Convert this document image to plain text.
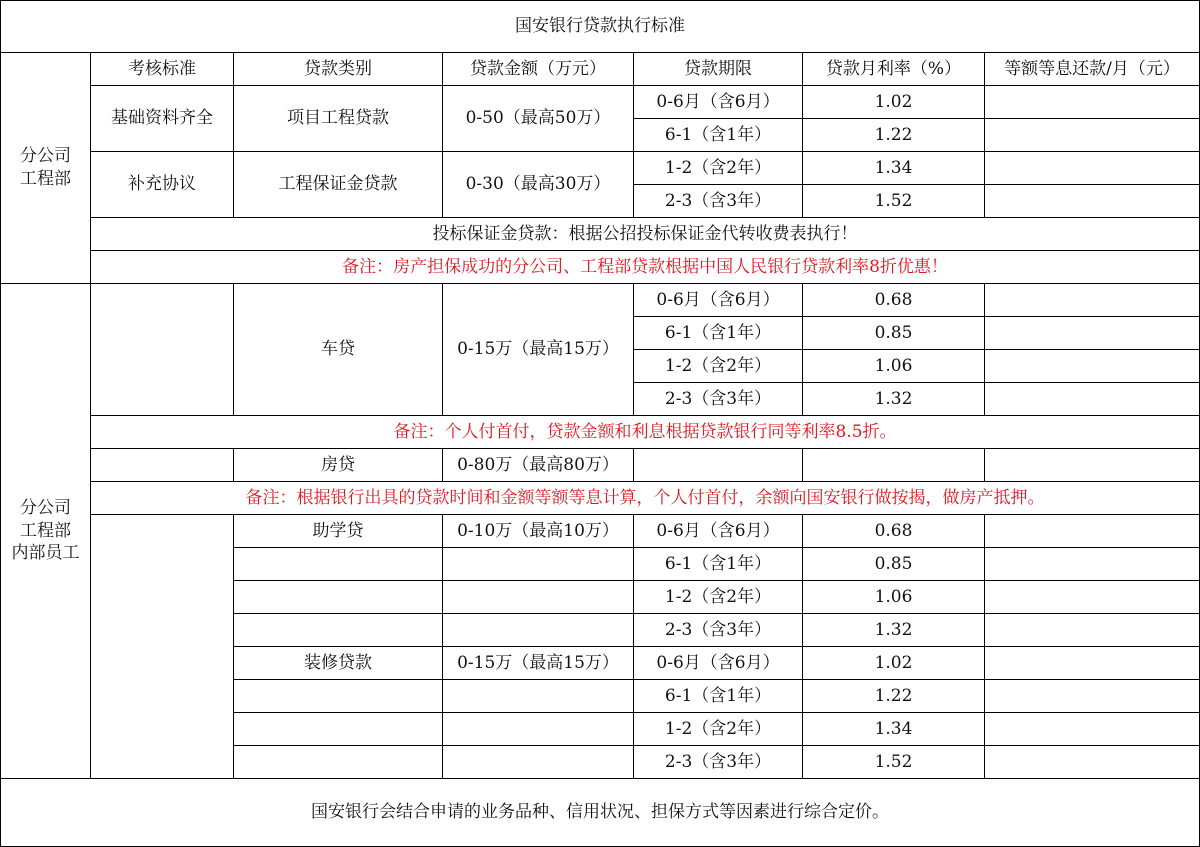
国安银行贷款执行标准						

分公司
工程部	考核标准	贷款类别	贷款金额（万元）	贷款期限	贷款月利率（%）	等额等息还款/月（元）
	基础资料齐全	项目工程贷款	0-50（最高50万）	0-6月（含6月）	1.02	
				6-1（含1年）	1.22	
	补充协议	工程保证金贷款	0-30（最高30万）	1-2（含2年）	1.34	
				2-3（含3年）	1.52	
	投标保证金贷款：根据公招投标保证金代转收费表执行！					
	备注：房产担保成功的分公司、工程部贷款根据中国人民银行贷款利率8折优惠！					

分公司
工程部
内部员工		车贷	0-15万（最高15万）	0-6月（含6月）	0.68	
				6-1（含1年）	0.85	
				1-2（含2年）	1.06	
				2-3（含3年）	1.32	
	备注：个人付首付，贷款金额和利息根据贷款银行同等利率8.5折。					
		房贷	0-80万（最高80万）			
	备注：根据银行出具的贷款时间和金额等额等息计算，个人付首付，余额向国安银行做按揭，做房产抵押。					
		助学贷	0-10万（最高10万）	0-6月（含6月）	0.68	
				6-1（含1年）	0.85	
				1-2（含2年）	1.06	
				2-3（含3年）	1.32	
		装修贷款	0-15万（最高15万）	0-6月（含6月）	1.02	
				6-1（含1年）	1.22	
				1-2（含2年）	1.34	
				2-3（含3年）	1.52	
国安银行会结合申请的业务品种、信用状况、担保方式等因素进行综合定价。						
